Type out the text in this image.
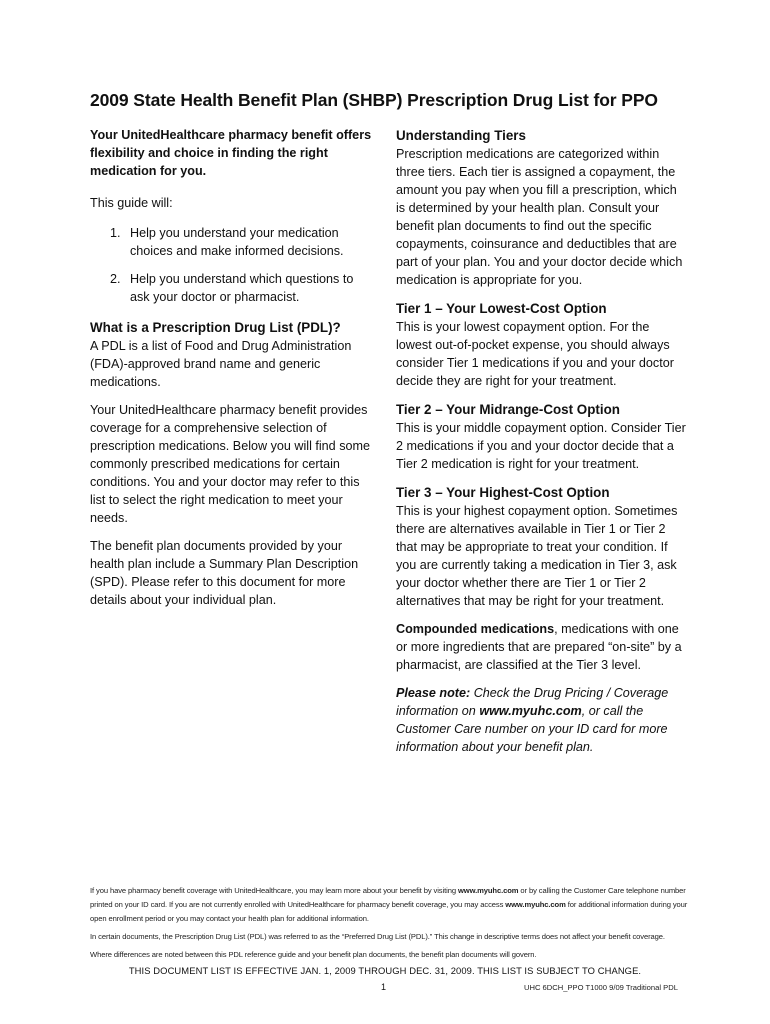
2009 State Health Benefit Plan (SHBP) Prescription Drug List for PPO

Your UnitedHealthcare pharmacy benefit offers flexibility and choice in finding the right medication for you.

This guide will:

1. Help you understand your medication choices and make informed decisions.
2. Help you understand which questions to ask your doctor or pharmacist.
What is a Prescription Drug List (PDL)?

A PDL is a list of Food and Drug Administration (FDA)-approved brand name and generic medications.

Your UnitedHealthcare pharmacy benefit provides coverage for a comprehensive selection of prescription medications. Below you will find some commonly prescribed medications for certain conditions. You and your doctor may refer to this list to select the right medication to meet your needs.

The benefit plan documents provided by your health plan include a Summary Plan Description (SPD). Please refer to this document for more details about your individual plan.

Understanding Tiers

Prescription medications are categorized within three tiers. Each tier is assigned a copayment, the amount you pay when you fill a prescription, which is determined by your health plan. Consult your benefit plan documents to find out the specific copayments, coinsurance and deductibles that are part of your plan. You and your doctor decide which medication is appropriate for you.

Tier 1 – Your Lowest-Cost Option

This is your lowest copayment option. For the lowest out-of-pocket expense, you should always consider Tier 1 medications if you and your doctor decide they are right for your treatment.

Tier 2 – Your Midrange-Cost Option

This is your middle copayment option. Consider Tier 2 medications if you and your doctor decide that a Tier 2 medication is right for your treatment.

Tier 3 – Your Highest-Cost Option

This is your highest copayment option. Sometimes there are alternatives available in Tier 1 or Tier 2 that may be appropriate to treat your condition. If you are currently taking a medication in Tier 3, ask your doctor whether there are Tier 1 or Tier 2 alternatives that may be right for your treatment.

Compounded medications, medications with one or more ingredients that are prepared “on-site” by a pharmacist, are classified at the Tier 3 level.

Please note: Check the Drug Pricing / Coverage information on www.myuhc.com, or call the Customer Care number on your ID card for more information about your benefit plan.

If you have pharmacy benefit coverage with UnitedHealthcare, you may learn more about your benefit by visiting www.myuhc.com or by calling the Customer Care telephone number printed on your ID card. If you are not currently enrolled with UnitedHealthcare for pharmacy benefit coverage, you may access www.myuhc.com for additional information during your open enrollment period or you may contact your health plan for additional information.

In certain documents, the Prescription Drug List (PDL) was referred to as the “Preferred Drug List (PDL).” This change in descriptive terms does not affect your benefit coverage.

Where differences are noted between this PDL reference guide and your benefit plan documents, the benefit plan documents will govern.

THIS DOCUMENT LIST IS EFFECTIVE JAN. 1, 2009 THROUGH DEC. 31, 2009. THIS LIST IS SUBJECT TO CHANGE.
1	UHC 6DCH_PPO T1000 9/09 Traditional PDL
